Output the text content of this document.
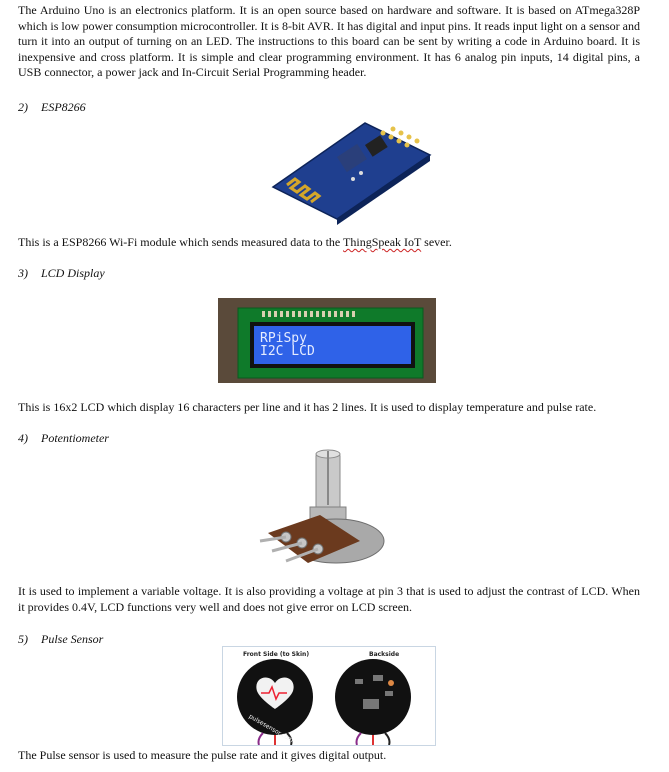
The Arduino Uno is an electronics platform. It is an open source based on hardware and software. It is based on ATmega328P which is low power consumption microcontroller. It is 8-bit AVR. It has digital and input pins. It reads input light on a sensor and turn it into an output of turning on an LED. The instructions to this board can be sent by writing a code in Arduino board. It is inexpensive and cross platform. It is simple and clear programming environment. It has 6 analog pin inputs, 14 digital pins, a USB connector, a power jack and In-Circuit Serial Programming header.

2) ESP8266

This is a ESP8266 Wi-Fi module which sends measured data to the ThingSpeak IoT sever.

3) LCD Display
RPiSpy
I2C LCD

This is 16x2 LCD which display 16 characters per line and it has 2 lines. It is used to display temperature and pulse rate.

4) Potentiometer

It is used to implement a variable voltage. It is also providing a voltage at pin 3 that is used to adjust the contrast of LCD. When it provides 0.4V, LCD functions very well and does not give error on LCD screen.

5) Pulse Sensor
Front Side (to Skin)	Backside
pulsesensor.com

The Pulse sensor is used to measure the pulse rate and it gives digital output.
